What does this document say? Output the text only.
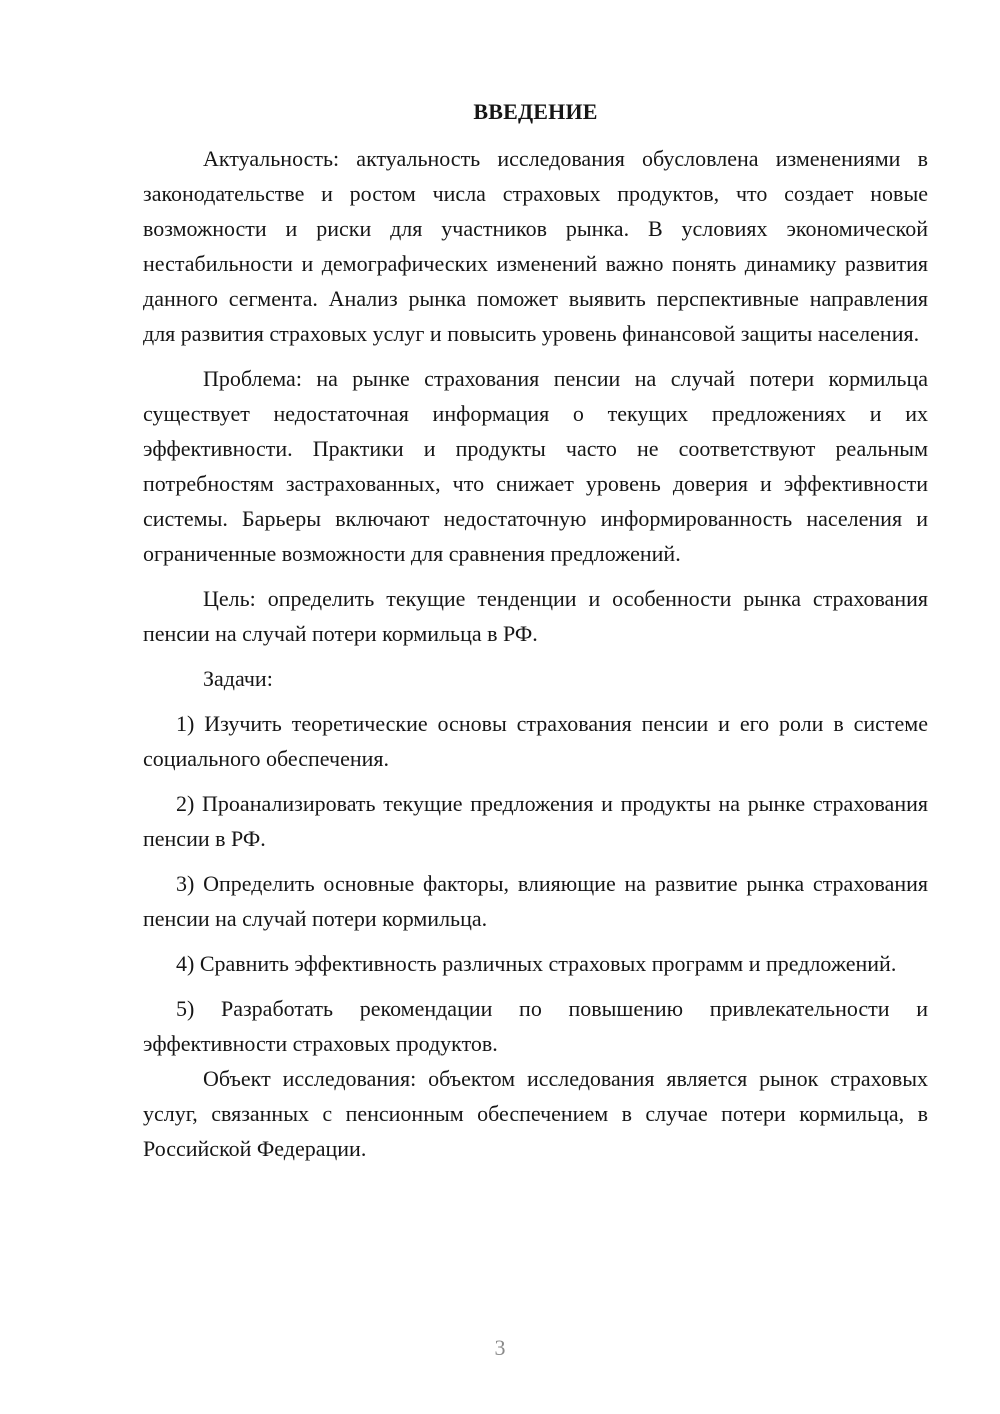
ВВЕДЕНИЕ

Актуальность: актуальность исследования обусловлена изменениями в законодательстве и ростом числа страховых продуктов, что создает новые возможности и риски для участников рынка. В условиях экономической нестабильности и демографических изменений важно понять динамику развития данного сегмента. Анализ рынка поможет выявить перспективные направления для развития страховых услуг и повысить уровень финансовой защиты населения.

Проблема: на рынке страхования пенсии на случай потери кормильца существует недостаточная информация о текущих предложениях и их эффективности. Практики и продукты часто не соответствуют реальным потребностям застрахованных, что снижает уровень доверия и эффективности системы. Барьеры включают недостаточную информированность населения и ограниченные возможности для сравнения предложений.

Цель: определить текущие тенденции и особенности рынка страхования пенсии на случай потери кормильца в РФ.

Задачи:

1) Изучить теоретические основы страхования пенсии и его роли в системе социального обеспечения.

2) Проанализировать текущие предложения и продукты на рынке страхования пенсии в РФ.

3) Определить основные факторы, влияющие на развитие рынка страхования пенсии на случай потери кормильца.

4) Сравнить эффективность различных страховых программ и предложений.

5) Разработать рекомендации по повышению привлекательности и эффективности страховых продуктов.

Объект исследования: объектом исследования является рынок страховых услуг, связанных с пенсионным обеспечением в случае потери кормильца, в Российской Федерации.

3
